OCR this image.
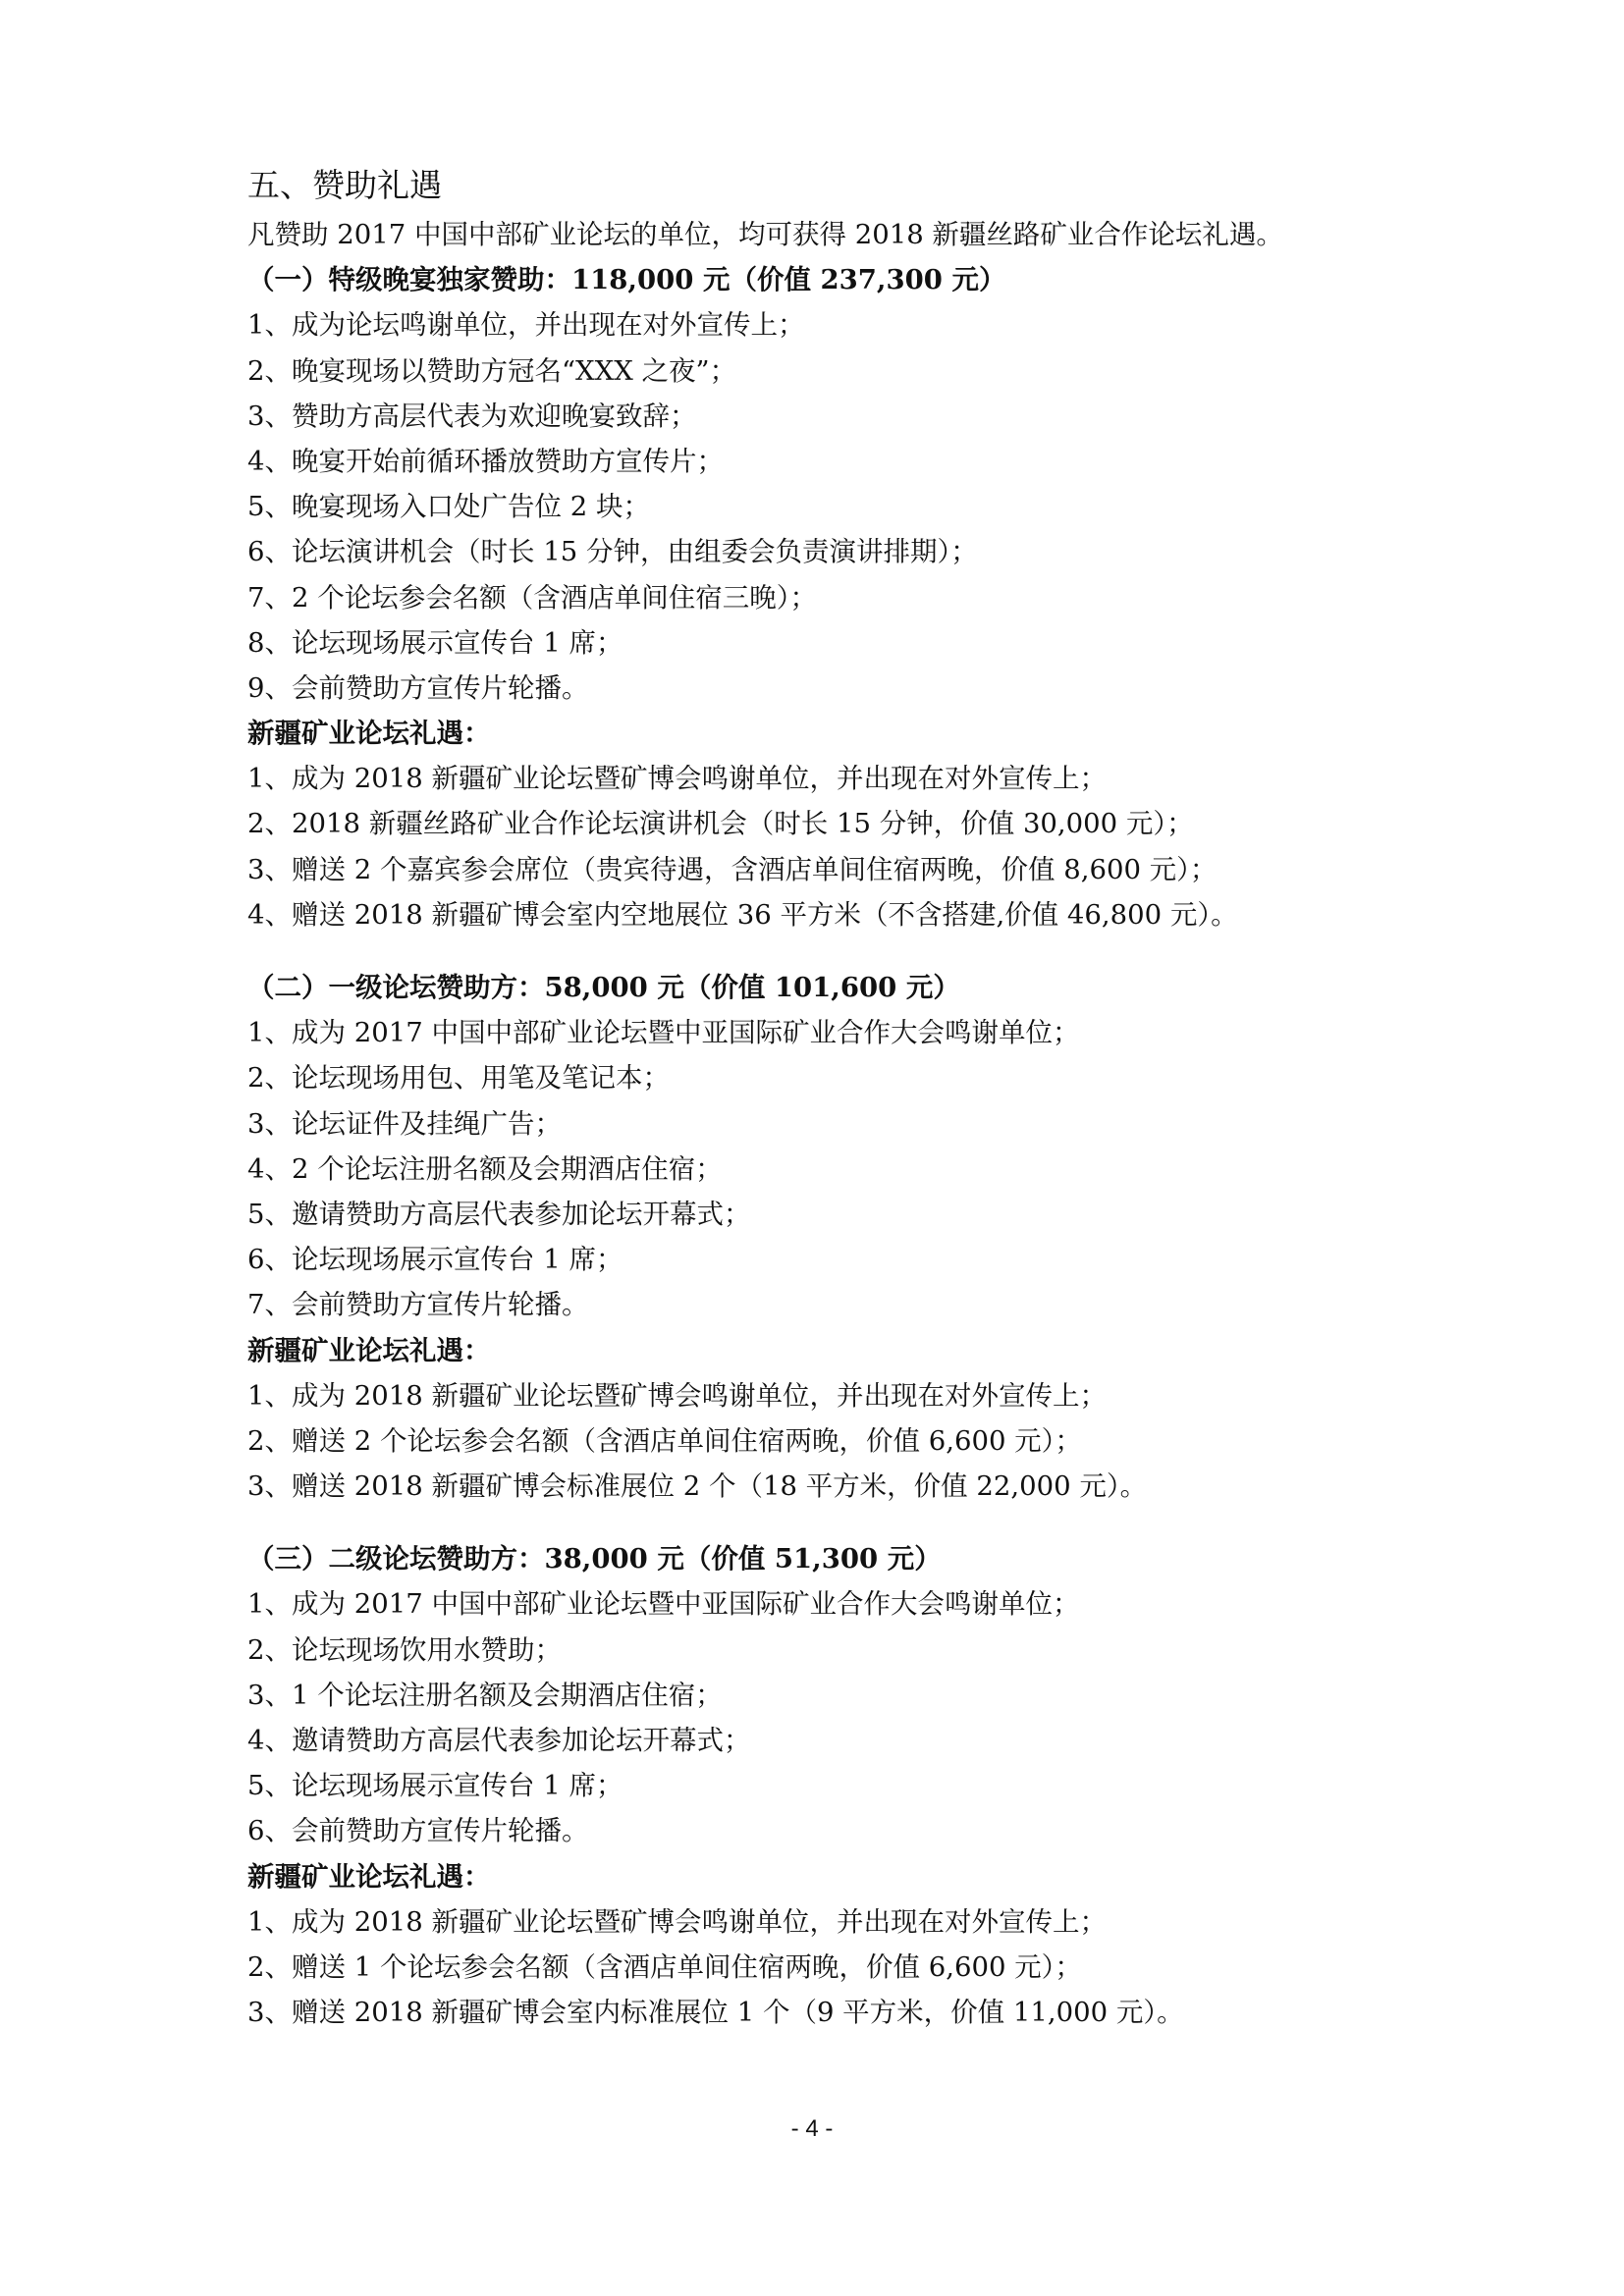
五、赞助礼遇

凡赞助 2017 中国中部矿业论坛的单位，均可获得 2018 新疆丝路矿业合作论坛礼遇。

（一）特级晚宴独家赞助：118,000 元（价值 237,300 元）

1、成为论坛鸣谢单位，并出现在对外宣传上；

2、晚宴现场以赞助方冠名“XXX 之夜”；

3、赞助方高层代表为欢迎晚宴致辞；

4、晚宴开始前循环播放赞助方宣传片；

5、晚宴现场入口处广告位 2 块；

6、论坛演讲机会（时长 15 分钟，由组委会负责演讲排期）；

7、2 个论坛参会名额（含酒店单间住宿三晚）；

8、论坛现场展示宣传台 1 席；

9、会前赞助方宣传片轮播。

新疆矿业论坛礼遇：

1、成为 2018 新疆矿业论坛暨矿博会鸣谢单位，并出现在对外宣传上；

2、2018 新疆丝路矿业合作论坛演讲机会（时长 15 分钟，价值 30,000 元）；

3、赠送 2 个嘉宾参会席位（贵宾待遇，含酒店单间住宿两晚，价值 8,600 元）；

4、赠送 2018 新疆矿博会室内空地展位 36 平方米（不含搭建,价值 46,800 元）。

（二）一级论坛赞助方：58,000 元（价值 101,600 元）

1、成为 2017 中国中部矿业论坛暨中亚国际矿业合作大会鸣谢单位；

2、论坛现场用包、用笔及笔记本；

3、论坛证件及挂绳广告；

4、2 个论坛注册名额及会期酒店住宿；

5、邀请赞助方高层代表参加论坛开幕式；

6、论坛现场展示宣传台 1 席；

7、会前赞助方宣传片轮播。

新疆矿业论坛礼遇：

1、成为 2018 新疆矿业论坛暨矿博会鸣谢单位，并出现在对外宣传上；

2、赠送 2 个论坛参会名额（含酒店单间住宿两晚，价值 6,600 元）；

3、赠送 2018 新疆矿博会标准展位 2 个（18 平方米，价值 22,000 元）。

（三）二级论坛赞助方：38,000 元（价值 51,300 元）

1、成为 2017 中国中部矿业论坛暨中亚国际矿业合作大会鸣谢单位；

2、论坛现场饮用水赞助；

3、1 个论坛注册名额及会期酒店住宿；

4、邀请赞助方高层代表参加论坛开幕式；

5、论坛现场展示宣传台 1 席；

6、会前赞助方宣传片轮播。

新疆矿业论坛礼遇：

1、成为 2018 新疆矿业论坛暨矿博会鸣谢单位，并出现在对外宣传上；

2、赠送 1 个论坛参会名额（含酒店单间住宿两晚，价值 6,600 元）；

3、赠送 2018 新疆矿博会室内标准展位 1 个（9 平方米，价值 11,000 元）。

- 4 -
